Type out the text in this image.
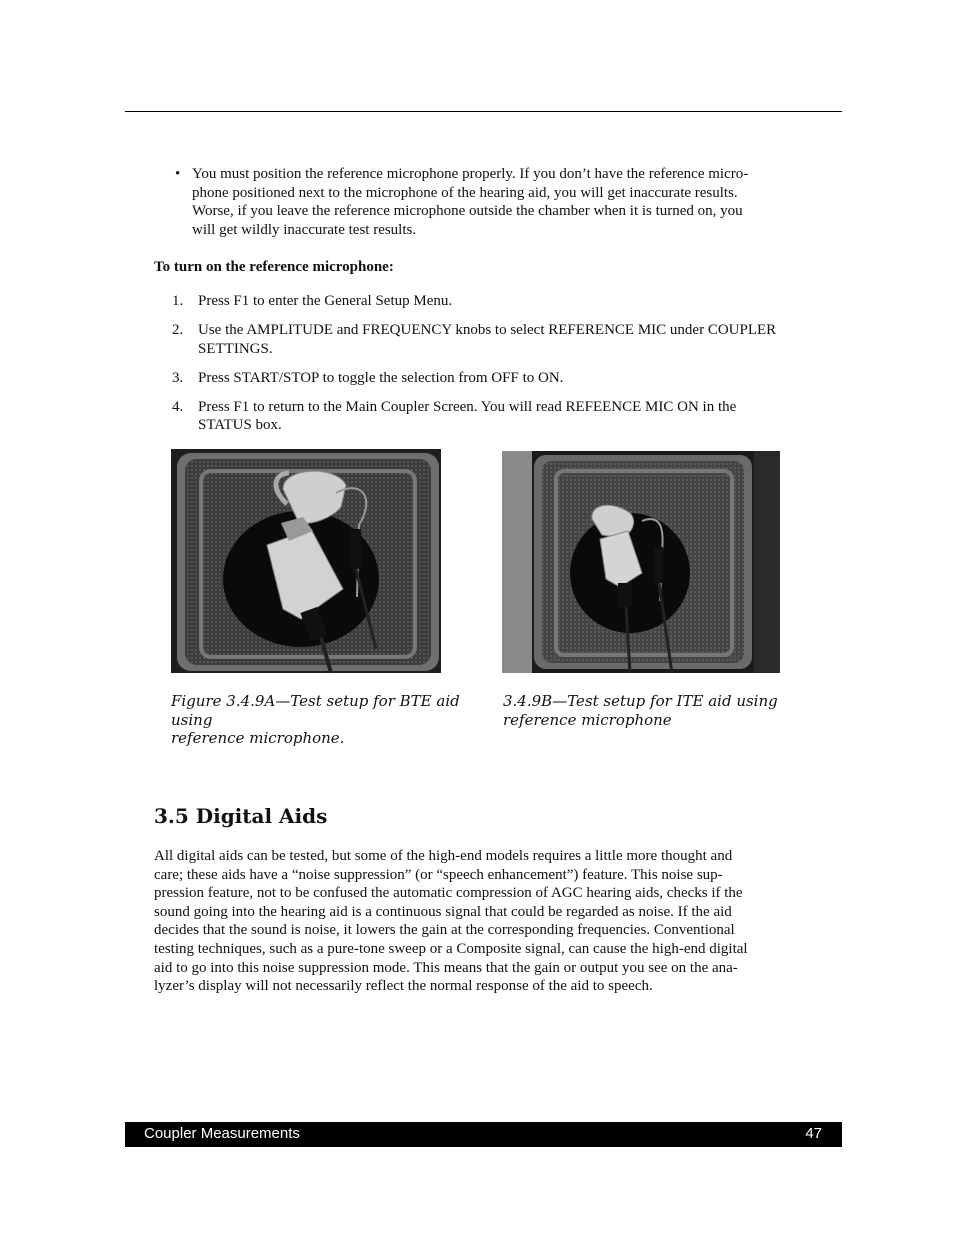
• You must position the reference microphone properly. If you don’t have the reference micro-
phone positioned next to the microphone of the hearing aid, you will get inaccurate results.
Worse, if you leave the reference microphone outside the chamber when it is turned on, you
will get wildly inaccurate test results.
To turn on the reference microphone:
1. Press F1 to enter the General Setup Menu.
2. Use the AMPLITUDE and FREQUENCY knobs to select REFERENCE MIC under COUPLER
SETTINGS.
3. Press START/STOP to toggle the selection from OFF to ON.
4. Press F1 to return to the Main Coupler Screen. You will read REFEENCE MIC ON in the
STATUS box.
Figure 3.4.9A—Test setup for BTE aid using
reference microphone.
3.4.9B—Test setup for ITE aid using
reference microphone
3.5 Digital Aids
All digital aids can be tested, but some of the high-end models requires a little more thought and
care; these aids have a “noise suppression” (or “speech enhancement”) feature. This noise sup-
pression feature, not to be confused the automatic compression of AGC hearing aids, checks if the
sound going into the hearing aid is a continuous signal that could be regarded as noise. If the aid
decides that the sound is noise, it lowers the gain at the corresponding frequencies. Conventional
testing techniques, such as a pure-tone sweep or a Composite signal, can cause the high-end digital
aid to go into this noise suppression mode. This means that the gain or output you see on the ana-
lyzer’s display will not necessarily reflect the normal response of the aid to speech.
Coupler Measurements	47
